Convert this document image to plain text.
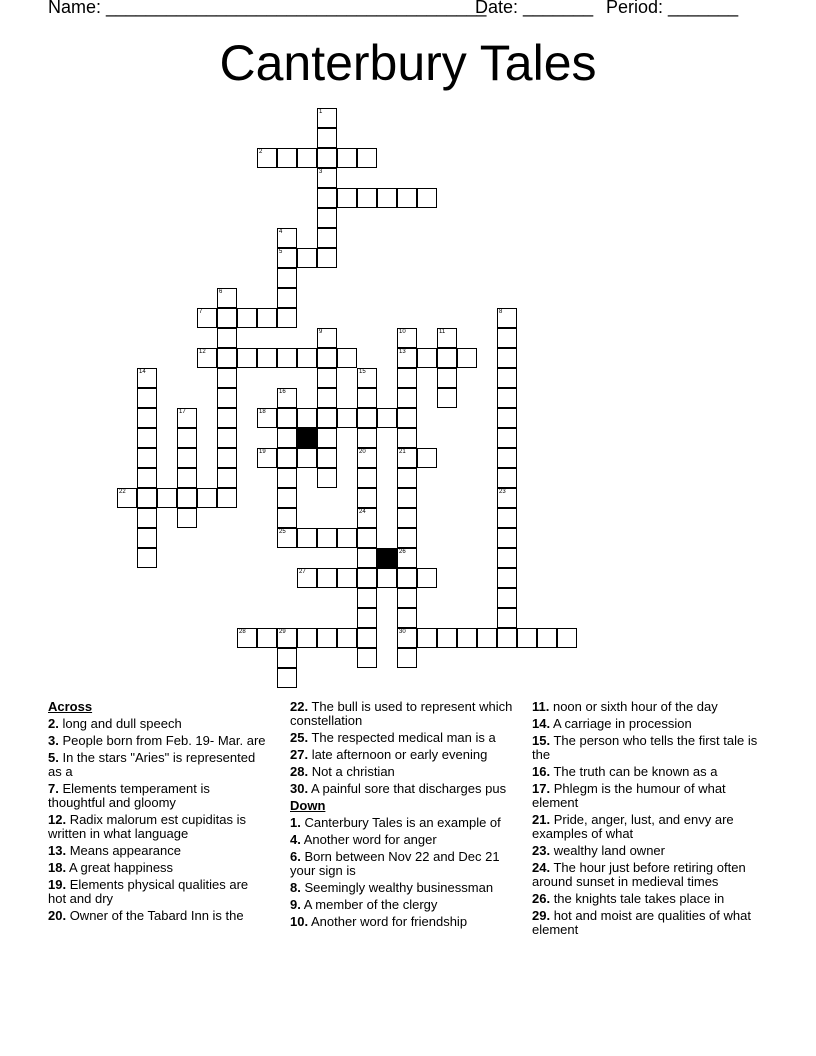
Name: ______________________________________
Date: _______ Period: _______
Canterbury Tales
1
3
2
4
5
6
7	8
9
12
10
13
11
14	15
16
17	18
19	20	21
22	23
24
25
26
27
28	29	30
Across
2. long and dull speech
3. People born from Feb. 19- Mar. are
5. In the stars "Aries" is represented as a
7. Elements temperament is thoughtful and gloomy
12. Radix malorum est cupiditas is written in what language
13. Means appearance
18. A great happiness
19. Elements physical qualities are hot and dry
20. Owner of the Tabard Inn is the
22. The bull is used to represent which constellation
25. The respected medical man is a
27. late afternoon or early evening
28. Not a christian
30. A painful sore that discharges pus
Down
1. Canterbury Tales is an example of
4. Another word for anger
6. Born between Nov 22 and Dec 21 your sign is
8. Seemingly wealthy businessman
9. A member of the clergy
10. Another word for friendship
11. noon or sixth hour of the day
14. A carriage in procession
15. The person who tells the first tale is the
16. The truth can be known as a
17. Phlegm is the humour of what element
21. Pride, anger, lust, and envy are examples of what
23. wealthy land owner
24. The hour just before retiring often around sunset in medieval times
26. the knights tale takes place in
29. hot and moist are qualities of what element
